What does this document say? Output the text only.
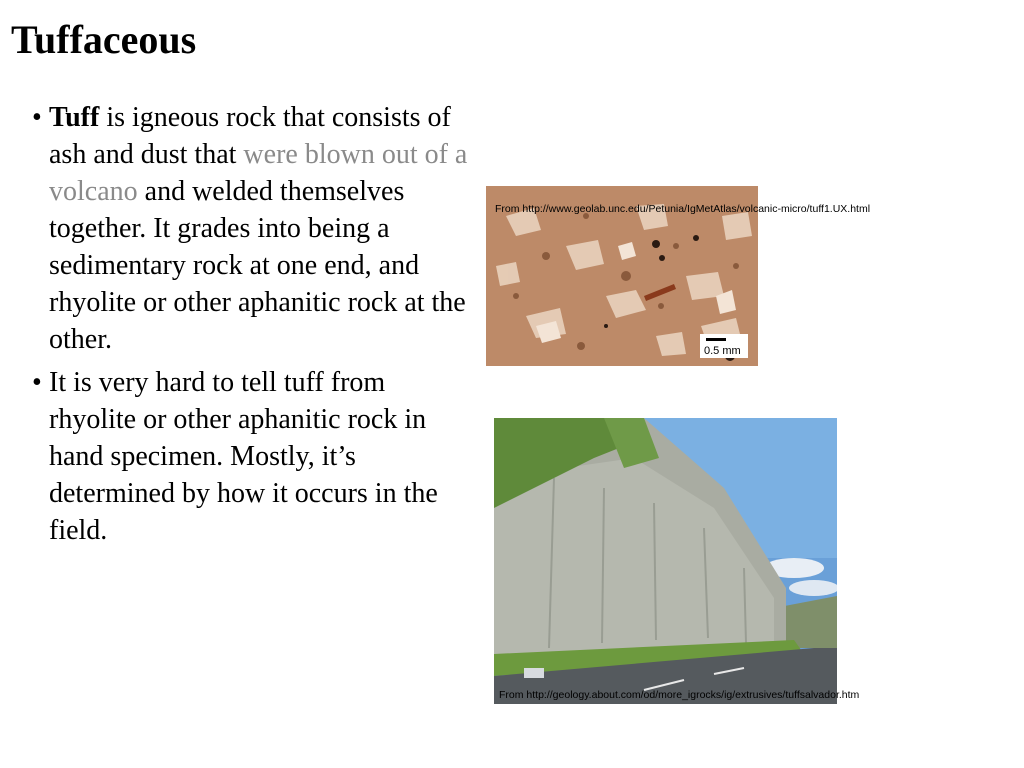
Tuffaceous
• Tuff is igneous rock that consists of ash and dust that were blown out of a volcano and welded themselves together. It grades into being a sedimentary rock at one end, and rhyolite or other aphanitic rock at the other.
• It is very hard to tell tuff from rhyolite or other aphanitic rock in hand specimen. Mostly, it’s determined by how it occurs in the field.
0.5 mm
From http://www.geolab.unc.edu/Petunia/IgMetAtlas/volcanic-micro/tuff1.UX.html
From http://geology.about.com/od/more_igrocks/ig/extrusives/tuffsalvador.htm
